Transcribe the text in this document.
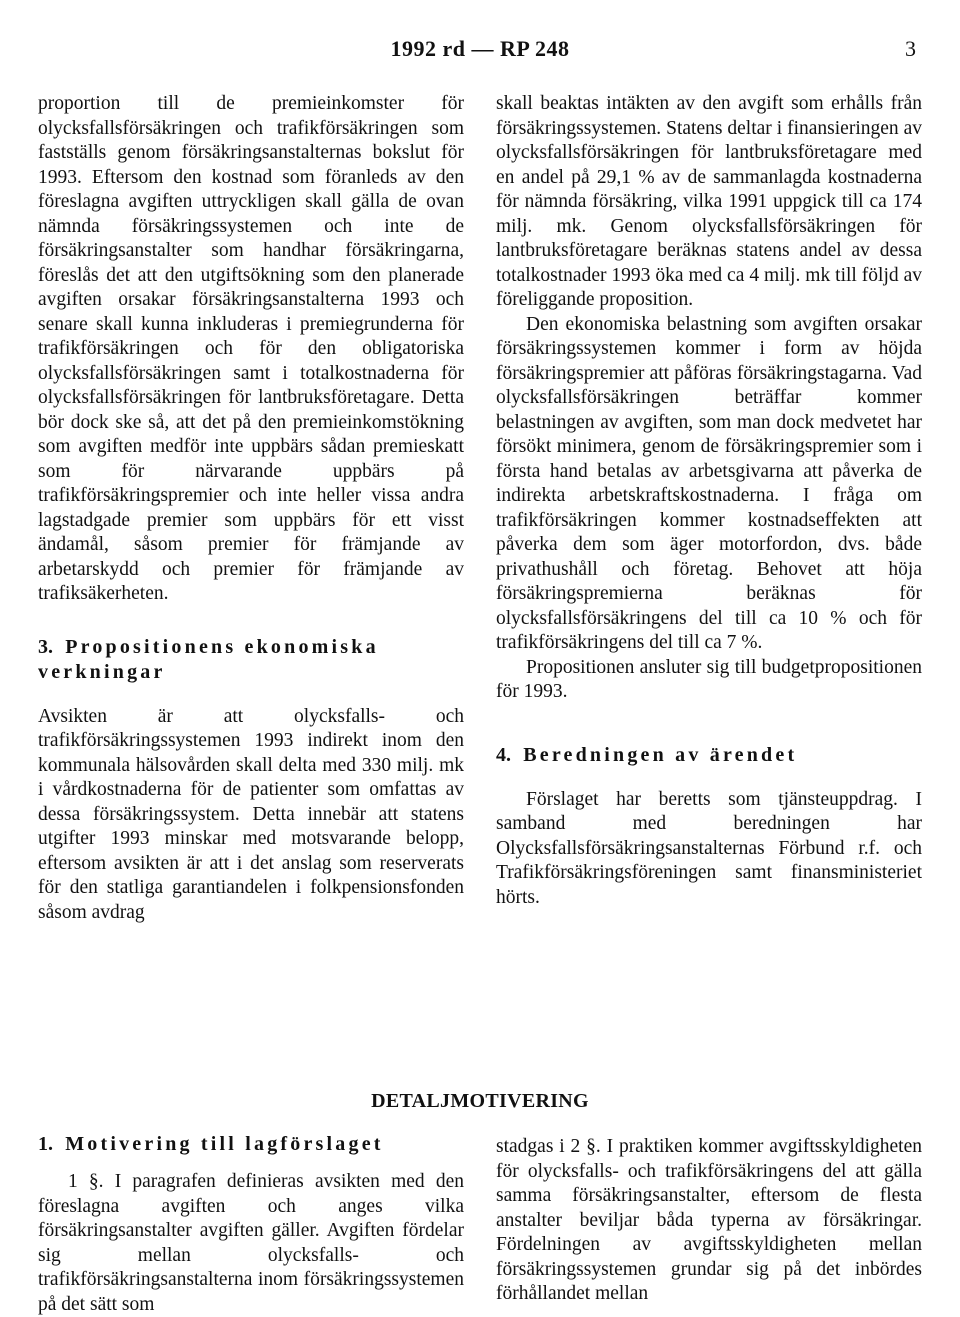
1992 rd — RP 248	3

proportion till de premieinkomster för olycksfallsförsäkringen och trafikförsäkringen som fastställs genom försäkringsanstalternas bokslut för 1993. Eftersom den kostnad som föranleds av den föreslagna avgiften uttryckligen skall gälla de ovan nämnda försäkringssystemen och inte de försäkringsanstalter som handhar försäkringarna, föreslås det att den utgiftsökning som den planerade avgiften orsakar försäkringsanstalterna 1993 och senare skall kunna inkluderas i premiegrunderna för trafikförsäkringen och för den obligatoriska olycksfallsförsäkringen samt i totalkostnaderna för olycksfallsförsäkringen för lantbruksföretagare. Detta bör dock ske så, att det på den premieinkomstökning som avgiften medför inte uppbärs sådan premieskatt som för närvarande uppbärs på trafikförsäkringspremier och inte heller vissa andra lagstadgade premier som uppbärs för ett visst ändamål, såsom premier för främjande av arbetarskydd och premier för främjande av trafiksäkerheten.

3. Propositionens ekonomiska verkningar

Avsikten är att olycksfalls- och trafikförsäkringssystemen 1993 indirekt inom den kommunala hälsovården skall delta med 330 milj. mk i vårdkostnaderna för de patienter som omfattas av dessa försäkringssystem. Detta innebär att statens utgifter 1993 minskar med motsvarande belopp, eftersom avsikten är att i det anslag som reserverats för den statliga garantiandelen i folkpensionsfonden såsom avdrag

skall beaktas intäkten av den avgift som erhålls från försäkringssystemen. Statens deltar i finansieringen av olycksfallsförsäkringen för lantbruksföretagare med en andel på 29,1 % av de sammanlagda kostnaderna för nämnda försäkring, vilka 1991 uppgick till ca 174 milj. mk. Genom olycksfallsförsäkringen för lantbruksföretagare beräknas statens andel av dessa totalkostnader 1993 öka med ca 4 milj. mk till följd av föreliggande proposition.

Den ekonomiska belastning som avgiften orsakar försäkringssystemen kommer i form av höjda försäkringspremier att påföras försäkringstagarna. Vad olycksfallsförsäkringen beträffar kommer belastningen av avgiften, som man dock medvetet har försökt minimera, genom de försäkringspremier som i första hand betalas av arbetsgivarna att påverka de indirekta arbetskraftskostnaderna. I fråga om trafikförsäkringen kommer kostnadseffekten att påverka dem som äger motorfordon, dvs. både privathushåll och företag. Behovet att höja försäkringspremierna beräknas för olycksfallsförsäkringens del till ca 10 % och för trafikförsäkringens del till ca 7 %.

Propositionen ansluter sig till budgetpropositionen för 1993.

4. Beredningen av ärendet

Förslaget har beretts som tjänsteuppdrag. I samband med beredningen har Olycksfallsförsäkringsanstalternas Förbund r.f. och Trafikförsäkringsföreningen samt finansministeriet hörts.

DETALJMOTIVERING
1. Motivering till lagförslaget

1 §. I paragrafen definieras avsikten med den föreslagna avgiften och anges vilka försäkringsanstalter avgiften gäller. Avgiften fördelar sig mellan olycksfalls- och trafikförsäkringsanstalterna inom försäkringssystemen på det sätt som

stadgas i 2 §. I praktiken kommer avgiftsskyldigheten för olycksfalls- och trafikförsäkringens del att gälla samma försäkringsanstalter, eftersom de flesta anstalter beviljar båda typerna av försäkringar. Fördelningen av avgiftsskyldigheten mellan försäkringssystemen grundar sig på det inbördes förhållandet mellan
